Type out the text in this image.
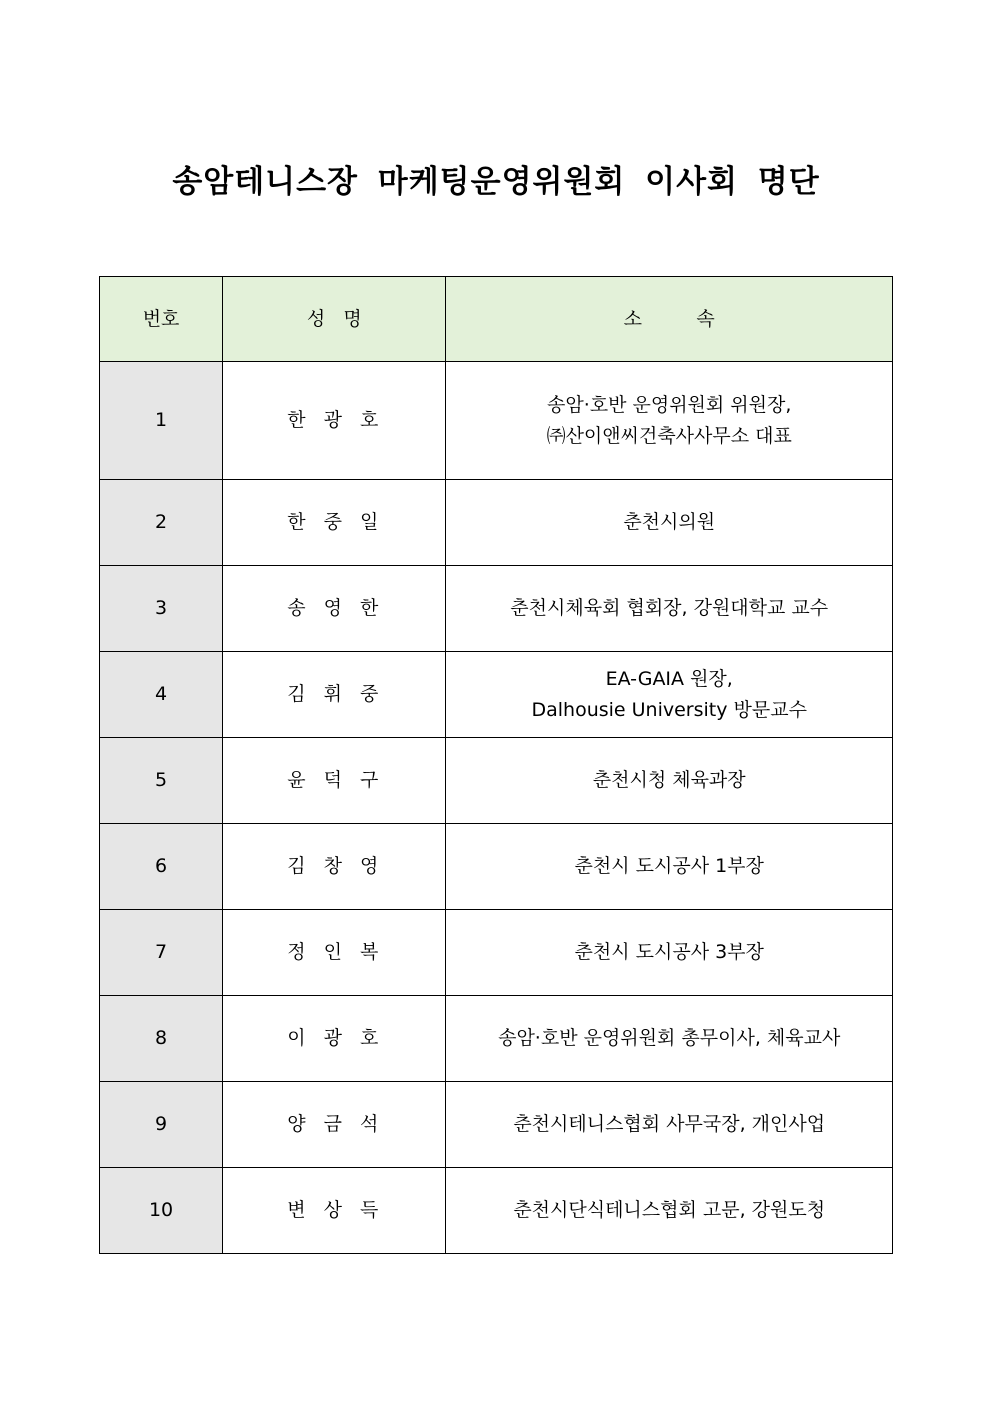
송암테니스장 마케팅운영위원회 이사회 명단
번호	성   명	소         속
1	한 광 호	송암·호반 운영위원회 위원장,
㈜산이앤씨건축사사무소 대표

2	한 중 일	춘천시의원

3	송 영 한	춘천시체육회 협회장, 강원대학교 교수

4	김 휘 중	EA-GAIA 원장,
Dalhousie University 방문교수

5	윤 덕 구	춘천시청 체육과장

6	김 창 영	춘천시 도시공사 1부장

7	정 인 복	춘천시 도시공사 3부장

8	이 광 호	송암·호반 운영위원회 총무이사, 체육교사

9	양 금 석	춘천시테니스협회 사무국장, 개인사업

10	변 상 득	춘천시단식테니스협회 고문, 강원도청
